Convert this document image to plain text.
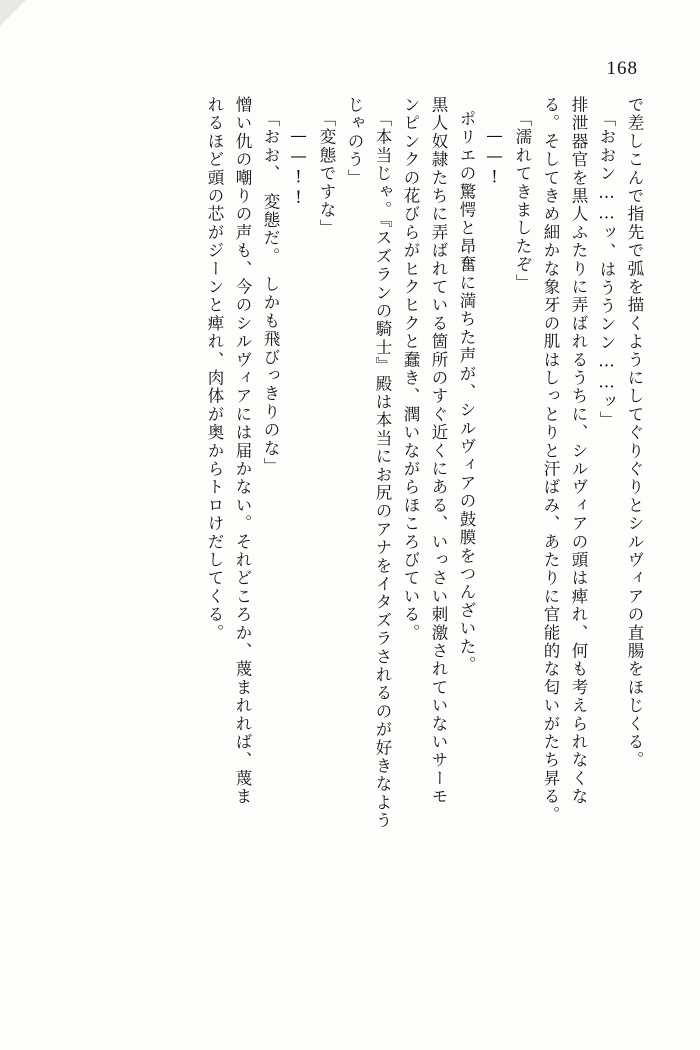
168
で差しこんで指先で弧を描くようにしてぐりぐりとシルヴィアの直腸をほじくる。
「おおン……ッ、はううンン……ッ」
排泄器官を黒人ふたりに弄ばれるうちに、シルヴィアの頭は痺れ、何も考えられなくな
る。そしてきめ細かな象牙の肌はしっとりと汗ばみ、あたりに官能的な匂いがたち昇る。
「濡れてきましたぞ」
——!
ポリエの驚愕と昂奮に満ちた声が、シルヴィアの鼓膜をつんざいた。
黒人奴隷たちに弄ばれている箇所のすぐ近くにある、いっさい刺激されていないサーモ
ンピンクの花びらがヒクヒクと蠢き、潤いながらほころびている。
「本当じゃ。『スズランの騎士』殿は本当にお尻のアナをイタズラされるのが好きなよう
じゃのう」
「変態ですな」
——!!
「おお、　変態だ。　しかも飛びっきりのな」
憎い仇の嘲りの声も、今のシルヴィアには届かない。それどころか、蔑まれれば、蔑ま
れるほど頭の芯がジーンと痺れ、肉体が奥からトロけだしてくる。
